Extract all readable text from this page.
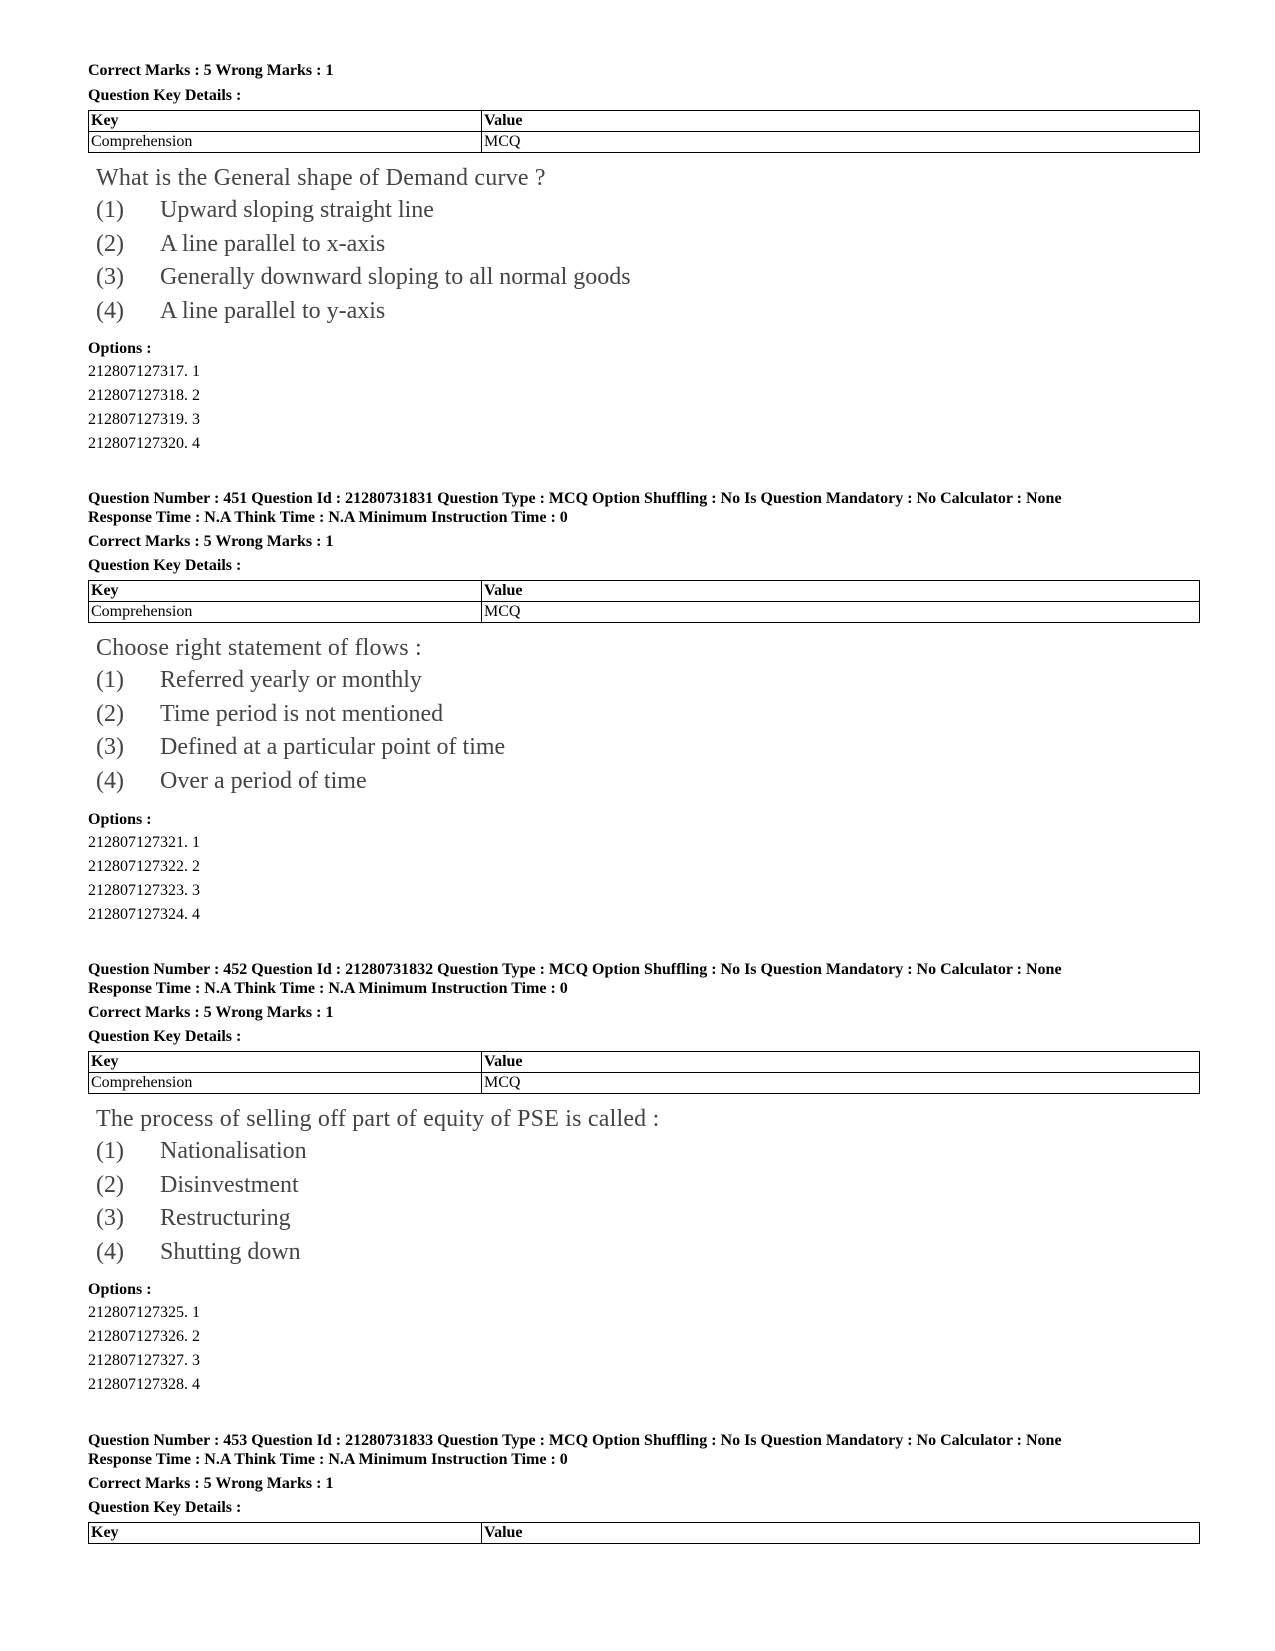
Correct Marks : 5 Wrong Marks : 1
Question Key Details :
Key	Value
Comprehension	MCQ
What is the General shape of Demand curve ?
(1)	Upward sloping straight line
(2)	A line parallel to x-axis
(3)	Generally downward sloping to all normal goods
(4)	A line parallel to y-axis
Options :
212807127317. 1
212807127318. 2
212807127319. 3
212807127320. 4
Question Number : 451 Question Id : 21280731831 Question Type : MCQ Option Shuffling : No Is Question Mandatory : No Calculator : None
Response Time : N.A Think Time : N.A Minimum Instruction Time : 0
Correct Marks : 5 Wrong Marks : 1
Question Key Details :
Key	Value
Comprehension	MCQ
Choose right statement of flows :
(1)	Referred yearly or monthly
(2)	Time period is not mentioned
(3)	Defined at a particular point of time
(4)	Over a period of time
Options :
212807127321. 1
212807127322. 2
212807127323. 3
212807127324. 4
Question Number : 452 Question Id : 21280731832 Question Type : MCQ Option Shuffling : No Is Question Mandatory : No Calculator : None
Response Time : N.A Think Time : N.A Minimum Instruction Time : 0
Correct Marks : 5 Wrong Marks : 1
Question Key Details :
Key	Value
Comprehension	MCQ
The process of selling off part of equity of PSE is called :
(1)	Nationalisation
(2)	Disinvestment
(3)	Restructuring
(4)	Shutting down
Options :
212807127325. 1
212807127326. 2
212807127327. 3
212807127328. 4
Question Number : 453 Question Id : 21280731833 Question Type : MCQ Option Shuffling : No Is Question Mandatory : No Calculator : None
Response Time : N.A Think Time : N.A Minimum Instruction Time : 0
Correct Marks : 5 Wrong Marks : 1
Question Key Details :
Key	Value
